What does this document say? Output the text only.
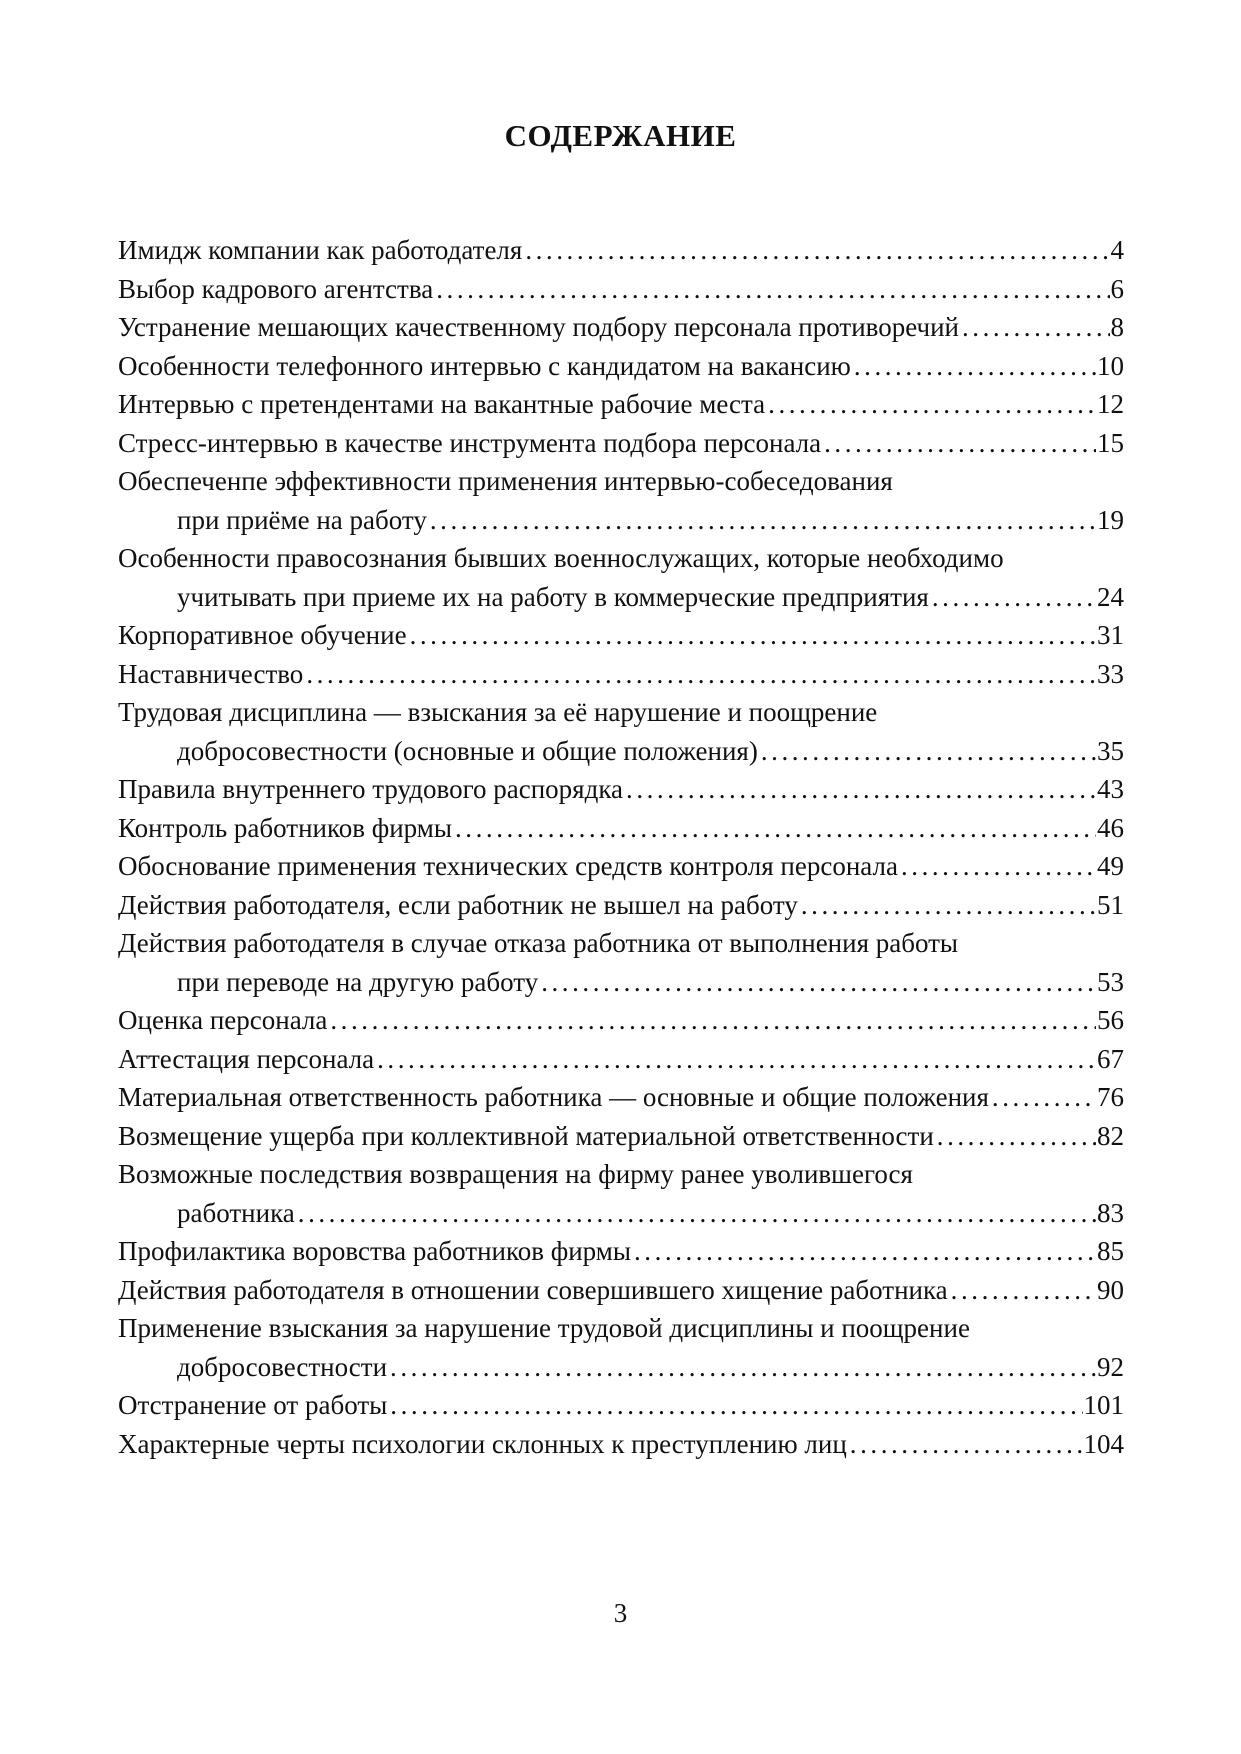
СОДЕРЖАНИЕ
Имидж компании как работодателя . . .	4
Выбор кадрового агентства . . .	6
Устранение мешающих качественному подбору персонала противоречий . . .	8
Особенности телефонного интервью с кандидатом на вакансию . . .	10
Интервью с претендентами на вакантные рабочие места . . .	12
Стресс-интервью в качестве инструмента подбора персонала . . .	15
Обеспеченпе эффективности применения интервью-собеседования
при приёме на работу . . .	19
Особенности правосознания бывших военнослужащих, которые необходимо
учитывать при приеме их на работу в коммерческие предприятия . . .	24
Корпоративное обучение . . .	31
Наставничество . . .	33
Трудовая дисциплина — взыскания за её нарушение и поощрение
добросовестности (основные и общие положения) . . .	35
Правила внутреннего трудового распорядка . . .	43
Контроль работников фирмы . . .	46
Обоснование применения технических средств контроля персонала . . .	49
Действия работодателя, если работник не вышел на работу . . .	51
Действия работодателя в случае отказа работника от выполнения работы
при переводе на другую работу . . .	53
Оценка персонала . . .	56
Аттестация персонала . . .	67
Материальная ответственность работника — основные и общие положения . . .	76
Возмещение ущерба при коллективной материальной ответственности . . .	82
Возможные последствия возвращения на фирму ранее уволившегося
работника . . .	83
Профилактика воровства работников фирмы . . .	85
Действия работодателя в отношении совершившего хищение работника . . .	90
Применение взыскания за нарушение трудовой дисциплины и поощрение
добросовестности . . .	92
Отстранение от работы . . .	101
Характерные черты психологии склонных к преступлению лиц . . .	104
3
